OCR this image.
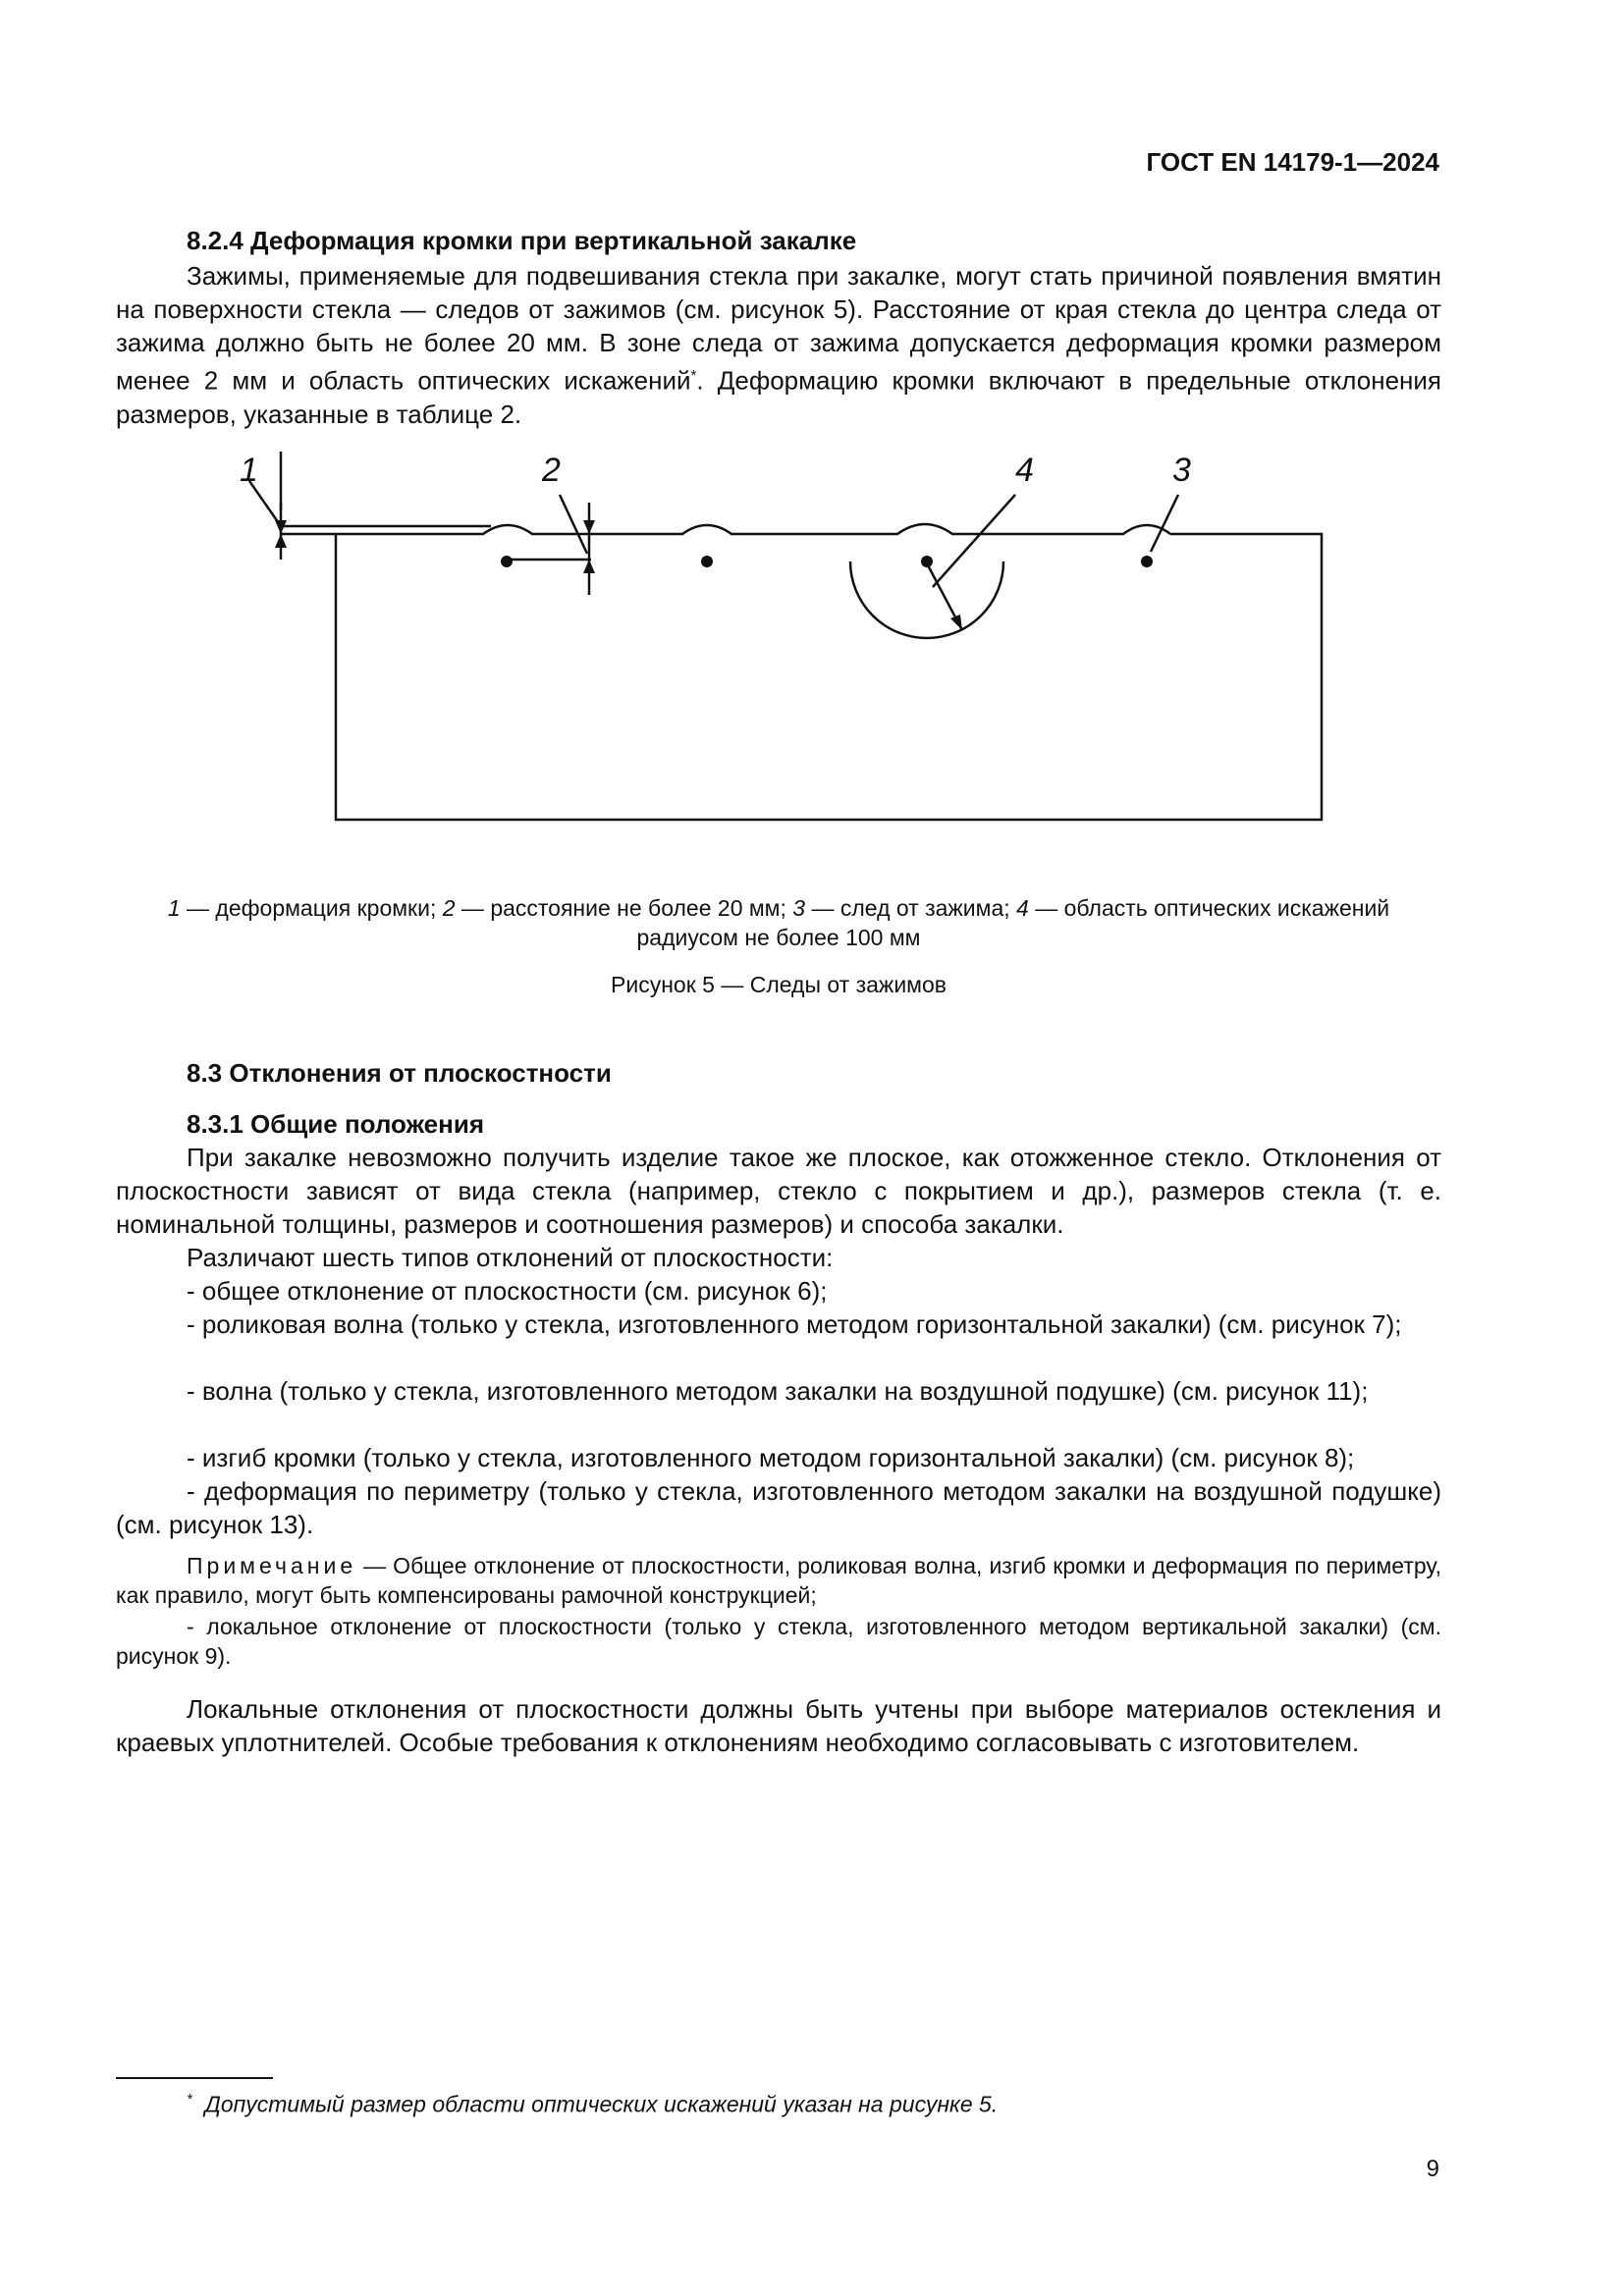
ГОСТ EN 14179-1—2024
8.2.4 Деформация кромки при вертикальной закалке
Зажимы, применяемые для подвешивания стекла при закалке, могут стать причиной появления вмятин на поверхности стекла — следов от зажимов (см. рисунок 5). Расстояние от края стекла до центра следа от зажима должно быть не более 20 мм. В зоне следа от зажима допускается деформация кромки размером менее 2 мм и область оптических искажений*. Деформацию кромки включают в предельные отклонения размеров, указанные в таблице 2.
1	2	4	3
1 — деформация кромки; 2 — расстояние не более 20 мм; 3 — след от зажима; 4 — область оптических искажений радиусом не более 100 мм
Рисунок 5 — Следы от зажимов
8.3 Отклонения от плоскостности
8.3.1 Общие положения
При закалке невозможно получить изделие такое же плоское, как отожженное стекло. Отклонения от плоскостности зависят от вида стекла (например, стекло с покрытием и др.), размеров стекла (т. е. номинальной толщины, размеров и соотношения размеров) и способа закалки.
Различают шесть типов отклонений от плоскостности:
- общее отклонение от плоскостности (см. рисунок 6);
- роликовая волна (только у стекла, изготовленного методом горизонтальной закалки) (см. рисунок 7);
- волна (только у стекла, изготовленного методом закалки на воздушной подушке) (см. рисунок 11);
- изгиб кромки (только у стекла, изготовленного методом горизонтальной закалки) (см. рисунок 8);
- деформация по периметру (только у стекла, изготовленного методом закалки на воздушной подушке) (см. рисунок 13).
Примечание — Общее отклонение от плоскостности, роликовая волна, изгиб кромки и деформация по периметру, как правило, могут быть компенсированы рамочной конструкцией;
- локальное отклонение от плоскостности (только у стекла, изготовленного методом вертикальной закалки) (см. рисунок 9).
Локальные отклонения от плоскостности должны быть учтены при выборе материалов остекления и краевых уплотнителей. Особые требования к отклонениям необходимо согласовывать с изготовителем.
* Допустимый размер области оптических искажений указан на рисунке 5.
9
